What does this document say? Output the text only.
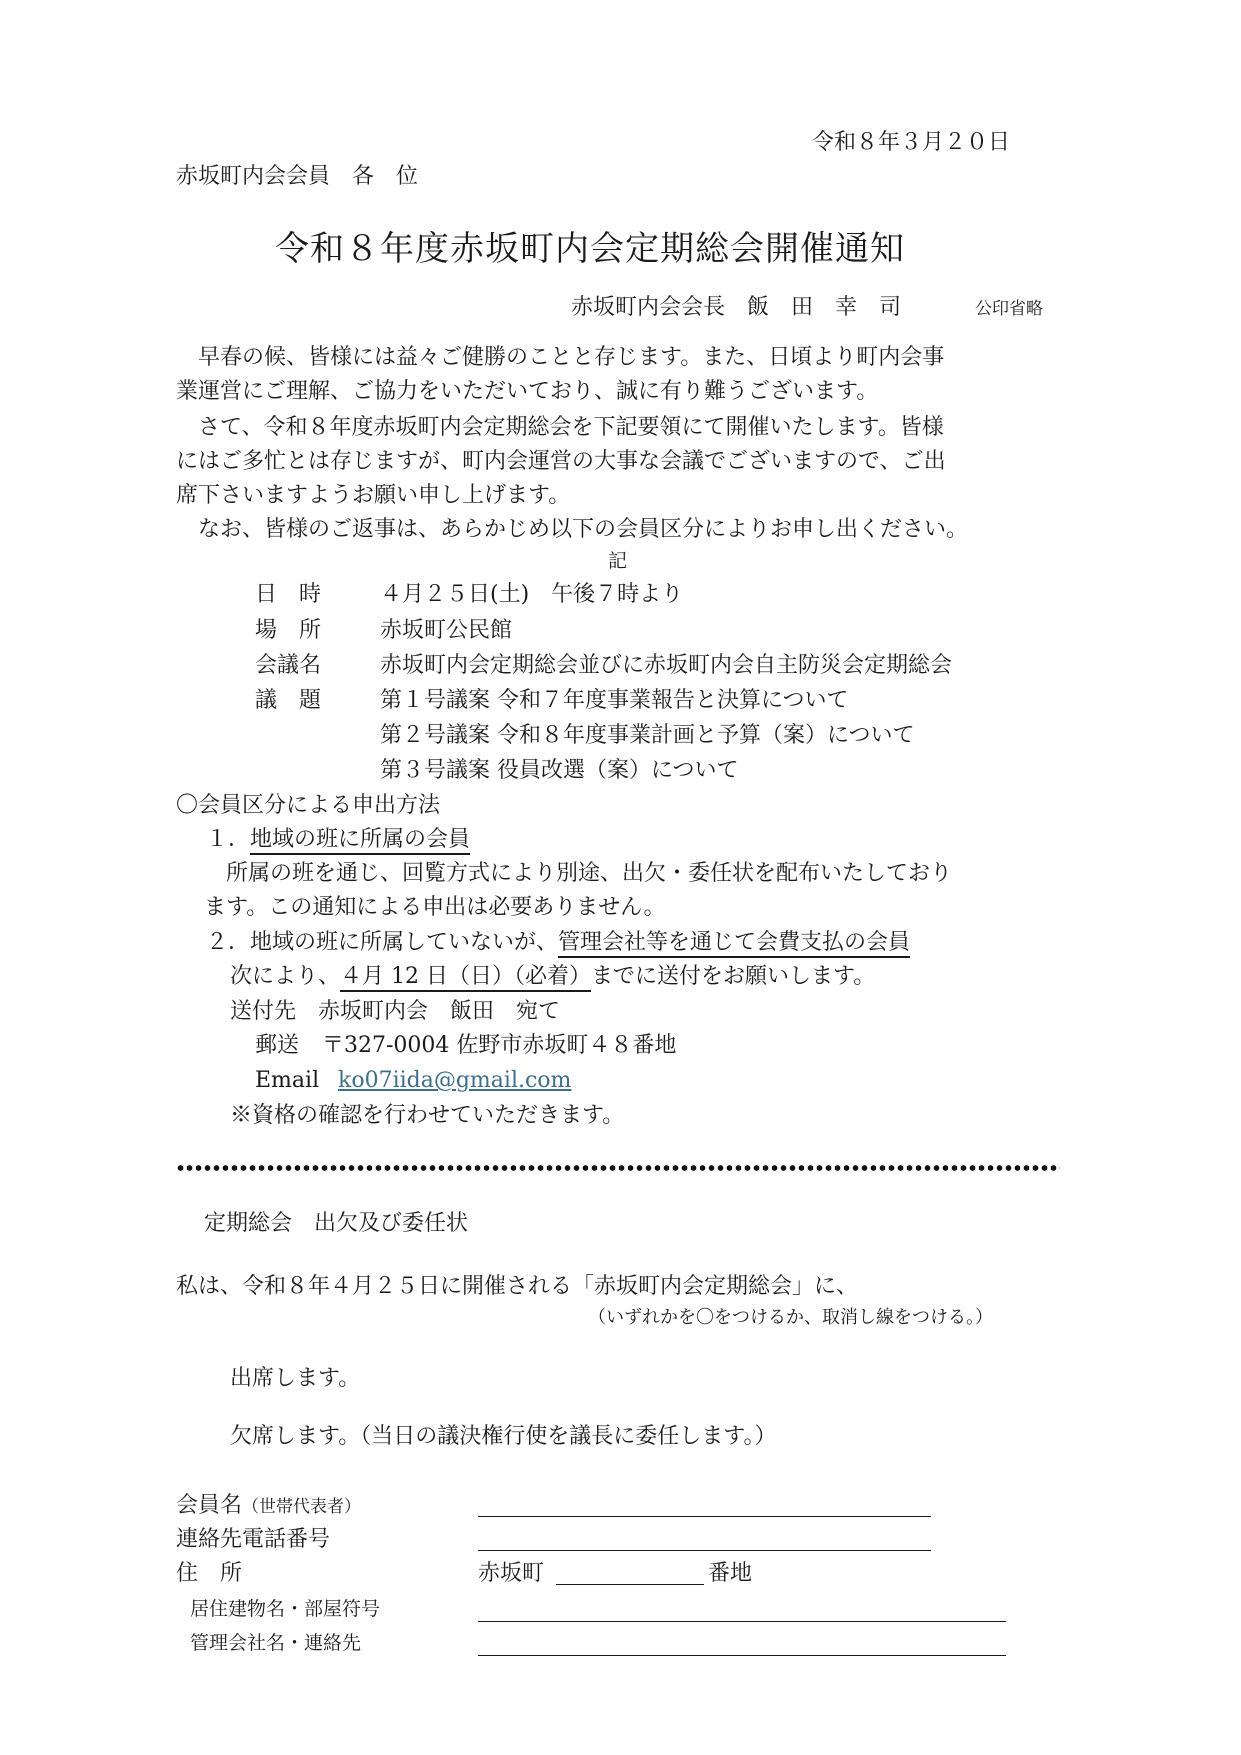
令和８年３月２０日
赤坂町内会会員　各　位
令和８年度赤坂町内会定期総会開催通知
赤坂町内会会長　飯　田　幸　司	公印省略
　早春の候、皆様には益々ご健勝のことと存じます。また、日頃より町内会事
業運営にご理解、ご協力をいただいており、誠に有り難うございます。
　さて、令和８年度赤坂町内会定期総会を下記要領にて開催いたします。皆様
にはご多忙とは存じますが、町内会運営の大事な会議でございますので、ご出
席下さいますようお願い申し上げます。
　なお、皆様のご返事は、あらかじめ以下の会員区分によりお申し出ください。
記
日　時	４月２５日(土)　午後７時より
場　所	赤坂町公民館
会議名	赤坂町内会定期総会並びに赤坂町内会自主防災会定期総会
議　題	第１号議案 令和７年度事業報告と決算について
第２号議案 令和８年度事業計画と予算（案）について
第３号議案 役員改選（案）について
〇会員区分による申出方法
１．地域の班に所属の会員
所属の班を通じ、回覧方式により別途、出欠・委任状を配布いたしており
ます。この通知による申出は必要ありません。
２．地域の班に所属していないが、管理会社等を通じて会費支払の会員
次により、４月 12 日（日）（必着）までに送付をお願いします。
送付先　赤坂町内会　飯田　宛て
郵送 〒327-0004 佐野市赤坂町４８番地
Email ko07iida@gmail.com
※資格の確認を行わせていただきます。
定期総会　出欠及び委任状
私は、令和８年４月２５日に開催される「赤坂町内会定期総会」に、
（いずれかを〇をつけるか、取消し線をつける。）
出席します。
欠席します。（当日の議決権行使を議長に委任します。）
会員名（世帯代表者）
連絡先電話番号
住　所	赤坂町	番地
居住建物名・部屋符号
管理会社名・連絡先
